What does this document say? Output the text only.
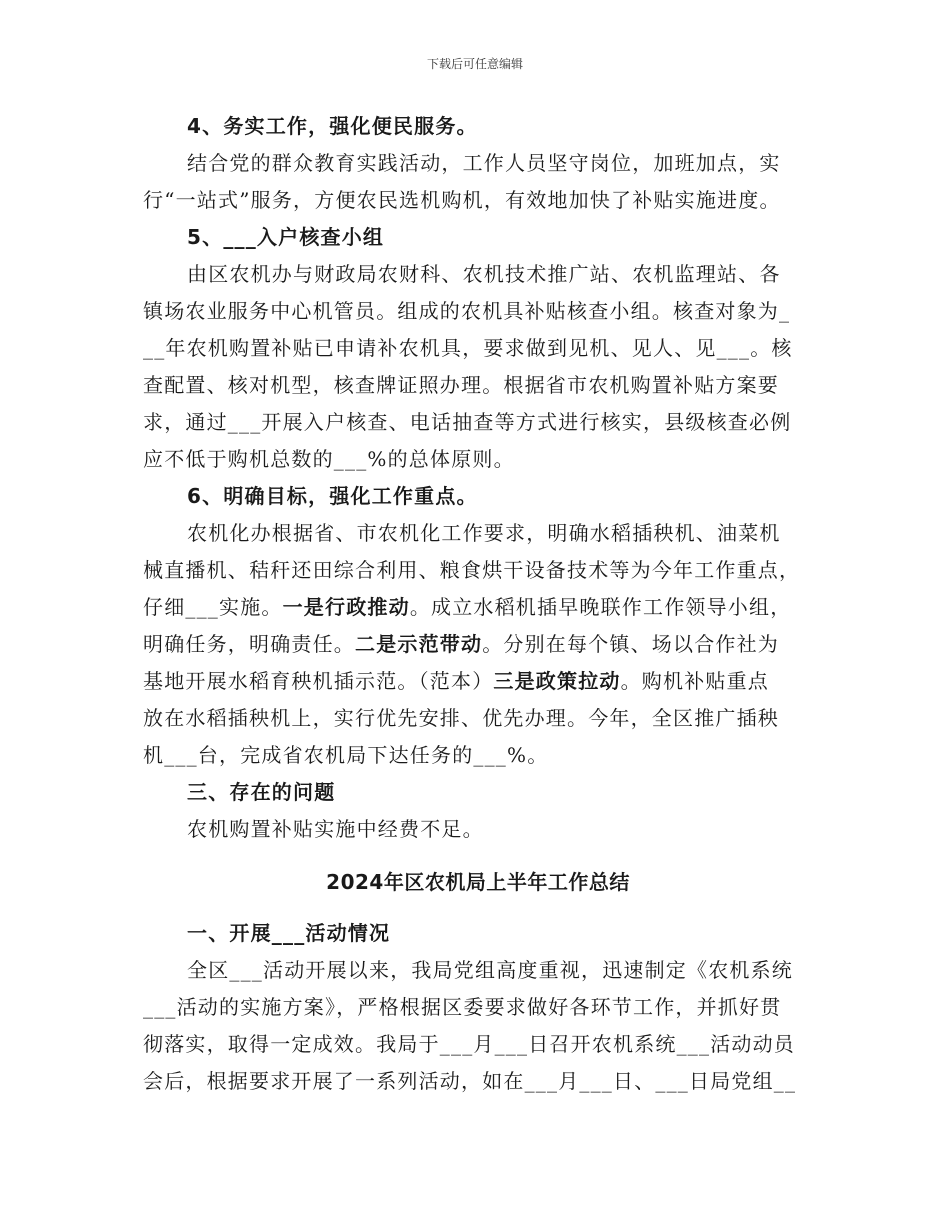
下载后可任意编辑
4、务实工作，强化便民服务。
结合党的群众教育实践活动，工作人员坚守岗位，加班加点，实
行“一站式”服务，方便农民选机购机，有效地加快了补贴实施进度。
5、___入户核查小组
由区农机办与财政局农财科、农机技术推广站、农机监理站、各
镇场农业服务中心机管员。组成的农机具补贴核查小组。核查对象为_
__年农机购置补贴已申请补农机具，要求做到见机、见人、见___。核
查配置、核对机型，核查牌证照办理。根据省市农机购置补贴方案要
求，通过___开展入户核查、电话抽查等方式进行核实，县级核查必例
应不低于购机总数的___%的总体原则。
6、明确目标，强化工作重点。
农机化办根据省、市农机化工作要求，明确水稻插秧机、油菜机
械直播机、秸秆还田综合利用、粮食烘干设备技术等为今年工作重点，
仔细___实施。一是行政推动。成立水稻机插早晚联作工作领导小组，
明确任务，明确责任。二是示范带动。分别在每个镇、场以合作社为
基地开展水稻育秧机插示范。（范本）三是政策拉动。购机补贴重点
放在水稻插秧机上，实行优先安排、优先办理。今年，全区推广插秧
机___台，完成省农机局下达任务的___%。
三、存在的问题
农机购置补贴实施中经费不足。
2024年区农机局上半年工作总结
一、开展___活动情况
全区___活动开展以来，我局党组高度重视，迅速制定《农机系统
___活动的实施方案》，严格根据区委要求做好各环节工作，并抓好贯
彻落实，取得一定成效。我局于___月___日召开农机系统___活动动员
会后，根据要求开展了一系列活动，如在___月___日、___日局党组__
